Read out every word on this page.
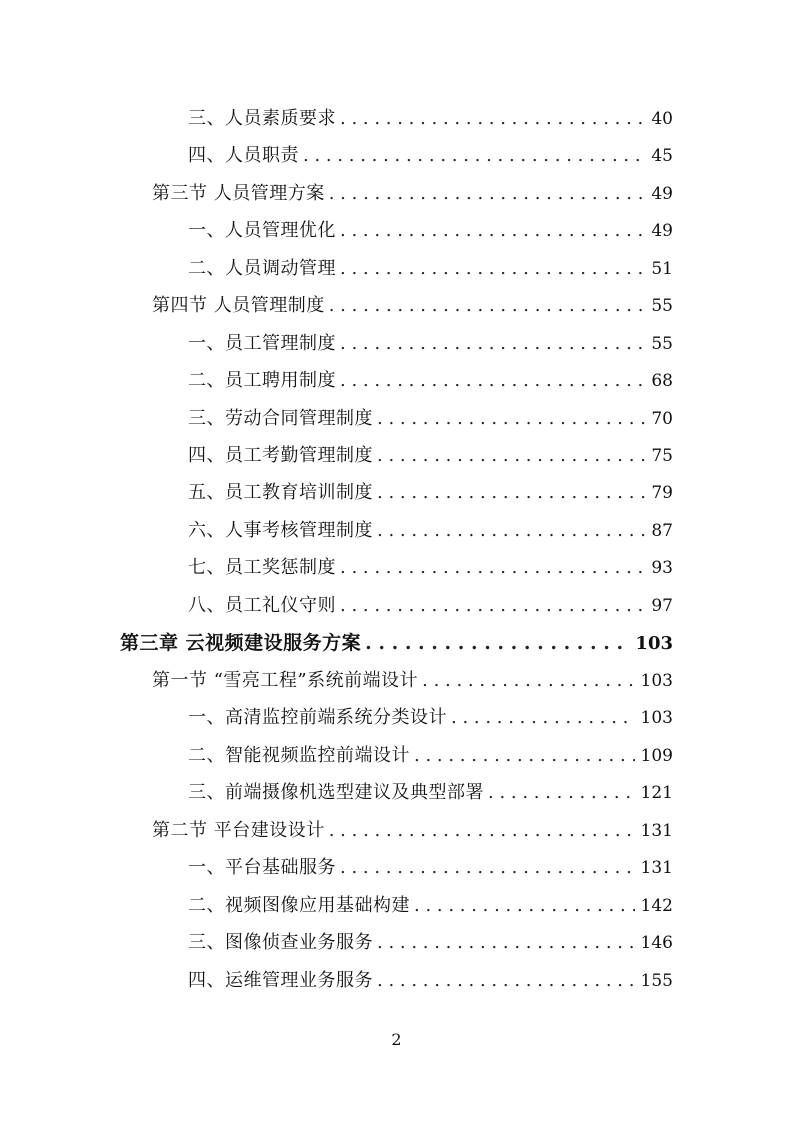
三、人员素质要求 . . .	40
四、人员职责 . . .	45
第三节 人员管理方案 . . .	49
一、人员管理优化 . . .	49
二、人员调动管理 . . .	51
第四节 人员管理制度 . . .	55
一、员工管理制度 . . .	55
二、员工聘用制度 . . .	68
三、劳动合同管理制度 . . .	70
四、员工考勤管理制度 . . .	75
五、员工教育培训制度 . . .	79
六、人事考核管理制度 . . .	87
七、员工奖惩制度 . . .	93
八、员工礼仪守则 . . .	97
第三章 云视频建设服务方案 . . .	103
第一节 “雪亮工程”系统前端设计 . . .	103
一、高清监控前端系统分类设计 . . .	103
二、智能视频监控前端设计 . . .	109
三、前端摄像机选型建议及典型部署 . . .	121
第二节 平台建设设计 . . .	131
一、平台基础服务 . . .	131
二、视频图像应用基础构建 . . .	142
三、图像侦查业务服务 . . .	146
四、运维管理业务服务 . . .	155
2
